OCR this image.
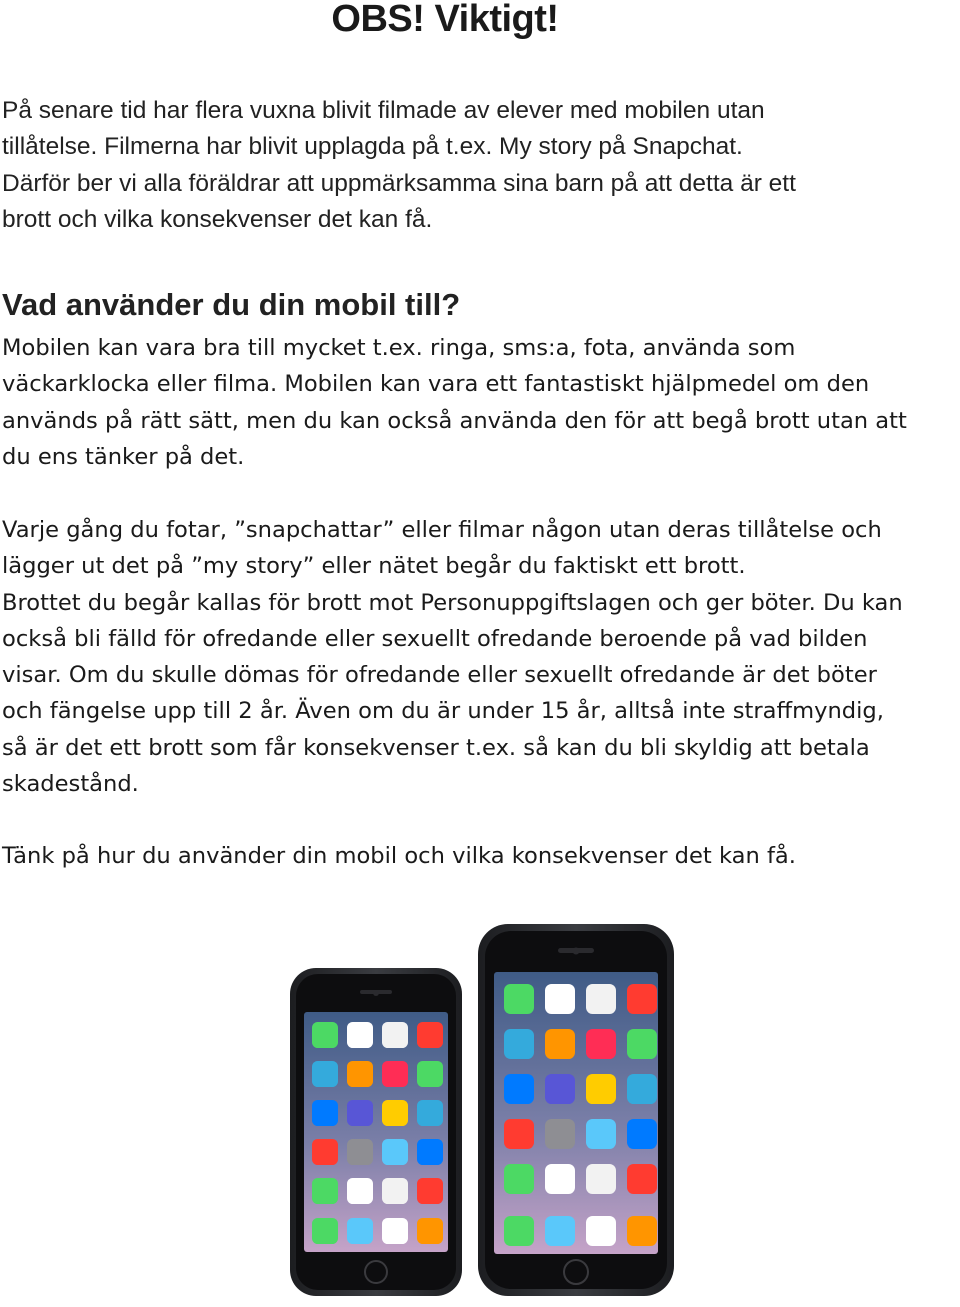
OBS! Viktigt!

På senare tid har flera vuxna blivit filmade av elever med mobilen utan
tillåtelse. Filmerna har blivit upplagda på t.ex. My story på Snapchat.
Därför ber vi alla föräldrar att uppmärksamma sina barn på att detta är ett
brott och vilka konsekvenser det kan få.

Vad använder du din mobil till?

Mobilen kan vara bra till mycket t.ex. ringa, sms:a, fota, använda som
väckarklocka eller filma. Mobilen kan vara ett fantastiskt hjälpmedel om den
används på rätt sätt, men du kan också använda den för att begå brott utan att
du ens tänker på det.

Varje gång du fotar, ”snapchattar” eller filmar någon utan deras tillåtelse och
lägger ut det på ”my story” eller nätet begår du faktiskt ett brott.
Brottet du begår kallas för brott mot Personuppgiftslagen och ger böter. Du kan
också bli fälld för ofredande eller sexuellt ofredande beroende på vad bilden
visar. Om du skulle dömas för ofredande eller sexuellt ofredande är det böter
och fängelse upp till 2 år. Även om du är under 15 år, alltså inte straffmyndig,
så är det ett brott som får konsekvenser t.ex. så kan du bli skyldig att betala
skadestånd.

Tänk på hur du använder din mobil och vilka konsekvenser det kan få.
